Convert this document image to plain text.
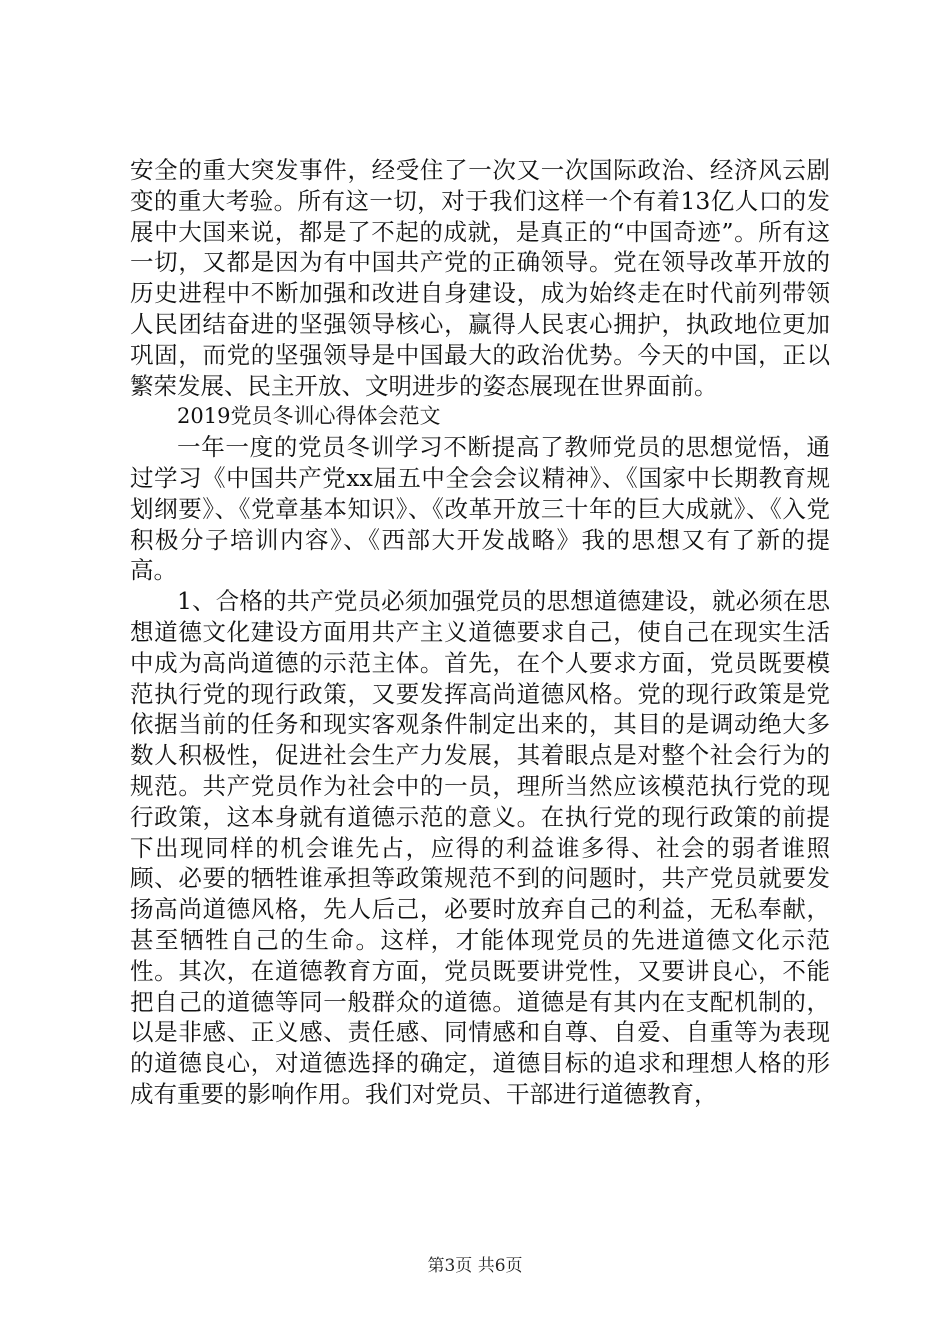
安全的重大突发事件，经受住了一次又一次国际政治、经济风云剧变的重大考验。所有这一切，对于我们这样一个有着13亿人口的发展中大国来说，都是了不起的成就，是真正的“中国奇迹”。所有这一切，又都是因为有中国共产党的正确领导。党在领导改革开放的历史进程中不断加强和改进自身建设，成为始终走在时代前列带领人民团结奋进的坚强领导核心，赢得人民衷心拥护，执政地位更加巩固，而党的坚强领导是中国最大的政治优势。今天的中国，正以繁荣发展、民主开放、文明进步的姿态展现在世界面前。

2019党员冬训心得体会范文

一年一度的党员冬训学习不断提高了教师党员的思想觉悟，通过学习《中国共产党xx届五中全会会议精神》、《国家中长期教育规划纲要》、《党章基本知识》、《改革开放三十年的巨大成就》、《入党积极分子培训内容》、《西部大开发战略》我的思想又有了新的提高。

1、合格的共产党员必须加强党员的思想道德建设，就必须在思想道德文化建设方面用共产主义道德要求自己，使自己在现实生活中成为高尚道德的示范主体。首先，在个人要求方面，党员既要模范执行党的现行政策，又要发挥高尚道德风格。党的现行政策是党依据当前的任务和现实客观条件制定出来的，其目的是调动绝大多数人积极性，促进社会生产力发展，其着眼点是对整个社会行为的规范。共产党员作为社会中的一员，理所当然应该模范执行党的现行政策，这本身就有道德示范的意义。在执行党的现行政策的前提下出现同样的机会谁先占，应得的利益谁多得、社会的弱者谁照顾、必要的牺牲谁承担等政策规范不到的问题时，共产党员就要发扬高尚道德风格，先人后己，必要时放弃自己的利益，无私奉献，甚至牺牲自己的生命。这样，才能体现党员的先进道德文化示范性。其次，在道德教育方面，党员既要讲党性，又要讲良心，不能把自己的道德等同一般群众的道德。道德是有其内在支配机制的，以是非感、正义感、责任感、同情感和自尊、自爱、自重等为表现的道德良心，对道德选择的确定，道德目标的追求和理想人格的形成有重要的影响作用。我们对党员、干部进行道德教育，

第3页 共6页
